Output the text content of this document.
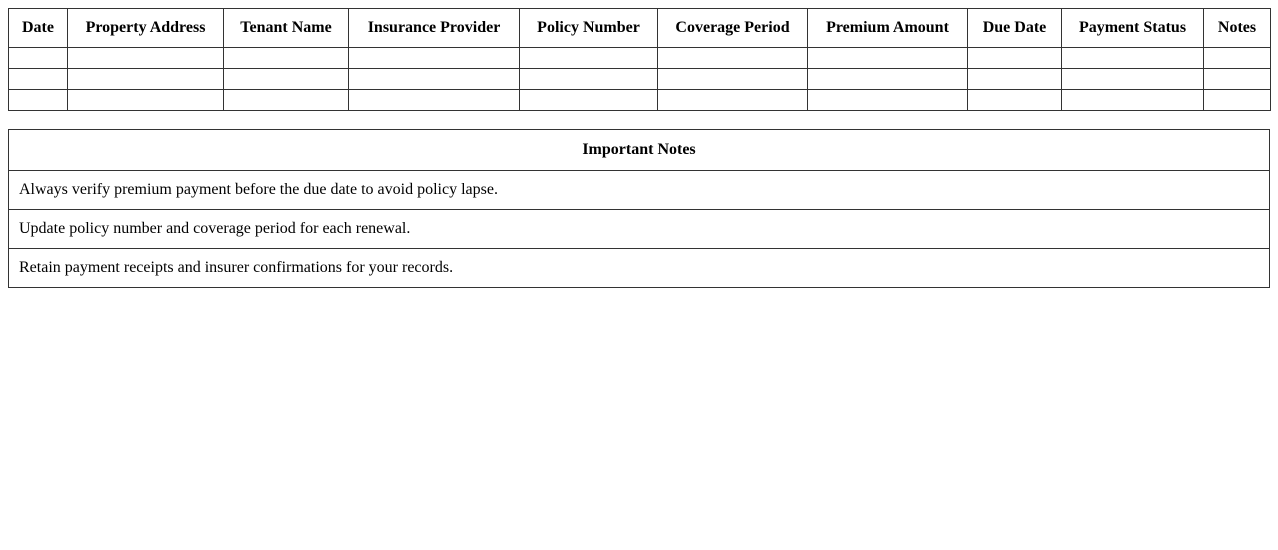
Date	Property Address	Tenant Name	Insurance Provider	Policy Number	Coverage Period	Premium Amount	Due Date	Payment Status	Notes

Important Notes
Always verify premium payment before the due date to avoid policy lapse.
Update policy number and coverage period for each renewal.
Retain payment receipts and insurer confirmations for your records.
